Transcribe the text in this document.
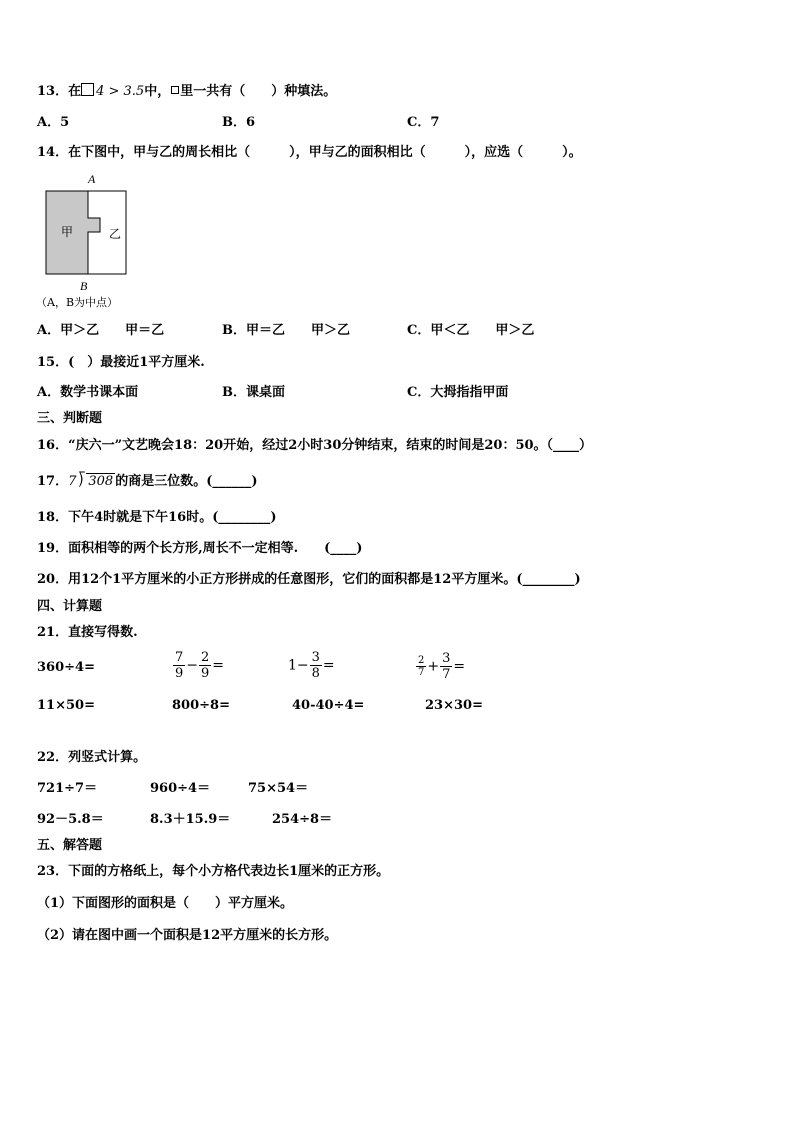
13．在 4 > 3.5中， 里一共有（　　）种填法。
A．5	B．6	C．7
14．在下图中，甲与乙的周长相比（　　　），甲与乙的面积相比（　　　），应选（　　　）。
A
甲	乙
B
（A，B为中点）
A．甲＞乙　　甲＝乙	B．甲＝乙　　甲＞乙	C．甲＜乙　　甲＞乙
15．(　）最接近1平方厘米.
A．数学书课本面	B．课桌面	C．大拇指指甲面
三、判断题
16．“庆六一”文艺晚会18：20开始，经过2小时30分钟结束，结束的时间是20：50。（____）
17．7 ⟌ 308 的商是三位数。(______)
18．下午4时就是下午16时。(________)
19．面积相等的两个长方形,周长不一定相等.　　(____)
20．用12个1平方厘米的小正方形拼成的任意图形，它们的面积都是12平方厘米。(________)
四、计算题
21．直接写得数.
360÷4=	$\frac{7}{9} - \frac{2}{9}$ =	$1- \frac{3}{8}$ =	$\frac{2}{7} + \frac{3}{7}$ =
11×50=	800÷8=	40-40÷4=	23×30=
22．列竖式计算。
721÷7＝	960÷4＝	75×54＝
92－5.8＝	8.3＋15.9＝	254÷8＝
五、解答题
23．下面的方格纸上，每个小方格代表边长1厘米的正方形。
（1）下面图形的面积是（　　）平方厘米。
（2）请在图中画一个面积是12平方厘米的长方形。
